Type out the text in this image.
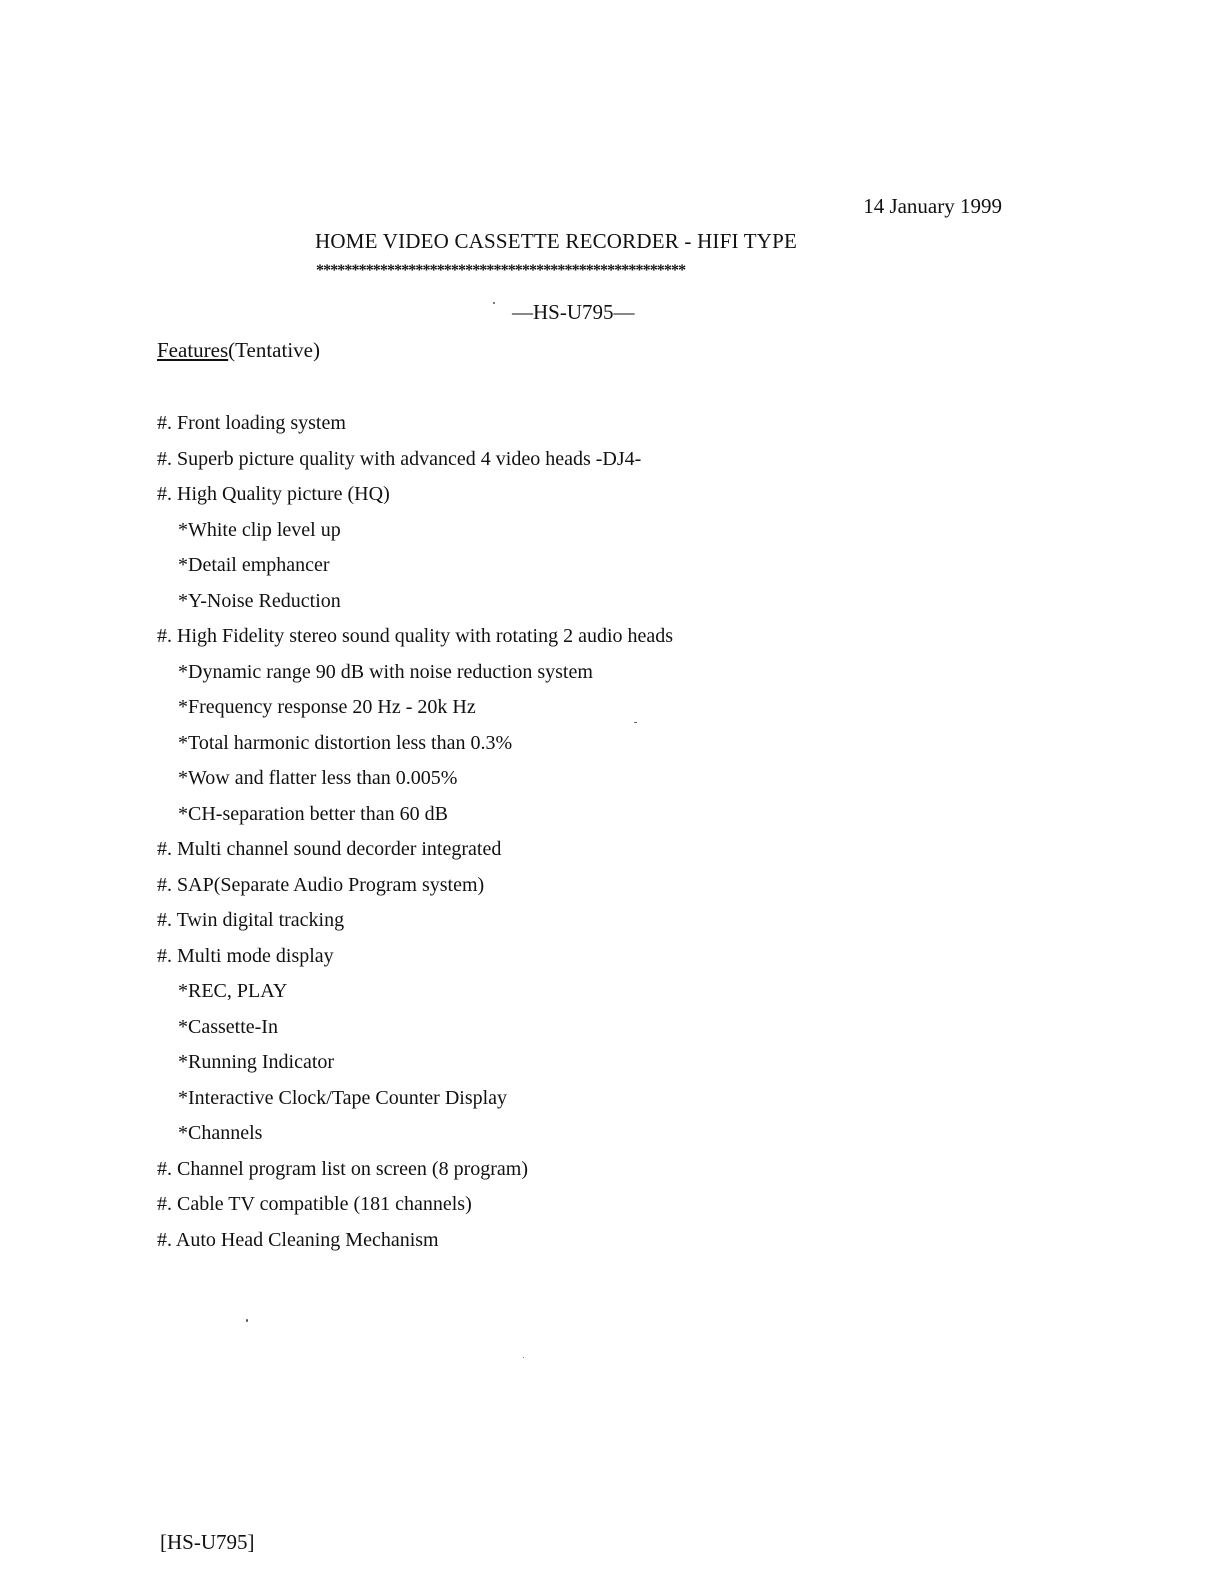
14 January 1999
HOME VIDEO CASSETTE RECORDER - HIFI TYPE
****************************************************
—HS-U795—
Features(Tentative)
#. Front loading system
#. Superb picture quality with advanced 4 video heads -DJ4-
#. High Quality picture (HQ)
*White clip level up
*Detail emphancer
*Y-Noise Reduction
#. High Fidelity stereo sound quality with rotating 2 audio heads
*Dynamic range 90 dB with noise reduction system
*Frequency response 20 Hz - 20k Hz
*Total harmonic distortion less than 0.3%
*Wow and flatter less than 0.005%
*CH-separation better than 60 dB
#. Multi channel sound decorder integrated
#. SAP(Separate Audio Program system)
#. Twin digital tracking
#. Multi mode display
*REC, PLAY
*Cassette-In
*Running Indicator
*Interactive Clock/Tape Counter Display
*Channels
#. Channel program list on screen (8 program)
#. Cable TV compatible (181 channels)
#. Auto Head Cleaning Mechanism
[HS-U795]
